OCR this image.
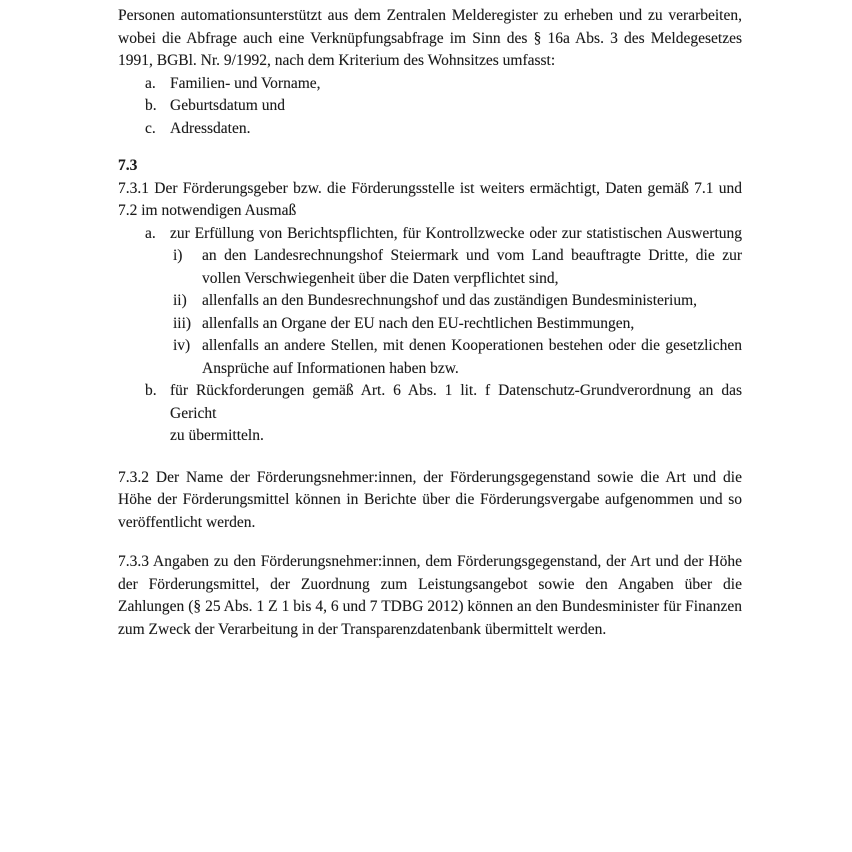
Personen automationsunterstützt aus dem Zentralen Melderegister zu erheben und zu verarbeiten, wobei die Abfrage auch eine Verknüpfungsabfrage im Sinn des § 16a Abs. 3 des Meldegesetzes 1991, BGBl. Nr. 9/1992, nach dem Kriterium des Wohnsitzes umfasst:

a. Familien- und Vorname,
b. Geburtsdatum und
c. Adressdaten.
7.3

7.3.1 Der Förderungsgeber bzw. die Förderungsstelle ist weiters ermächtigt, Daten gemäß 7.1 und 7.2 im notwendigen Ausmaß

a. zur Erfüllung von Berichtspflichten, für Kontrollzwecke oder zur statistischen Auswertung
i)	an den Landesrechnungshof Steiermark und vom Land beauftragte Dritte, die zur vollen Verschwiegenheit über die Daten verpflichtet sind,
ii) allenfalls an den Bundesrechnungshof und das zuständigen Bundesministerium,
iii) allenfalls an Organe der EU nach den EU-rechtlichen Bestimmungen,
iv) allenfalls an andere Stellen, mit denen Kooperationen bestehen oder die gesetzlichen Ansprüche auf Informationen haben bzw.
b. für Rückforderungen gemäß Art. 6 Abs. 1 lit. f Datenschutz-Grundverordnung an das
Gericht
zu übermitteln.

7.3.2 Der Name der Förderungsnehmer:innen, der Förderungsgegenstand sowie die Art und die Höhe der Förderungsmittel können in Berichte über die Förderungsvergabe aufgenommen und so veröffentlicht werden.

7.3.3 Angaben zu den Förderungsnehmer:innen, dem Förderungsgegenstand, der Art und der Höhe der Förderungsmittel, der Zuordnung zum Leistungsangebot sowie den Angaben über die Zahlungen (§ 25 Abs. 1 Z 1 bis 4, 6 und 7 TDBG 2012) können an den Bundesminister für Finanzen zum Zweck der Verarbeitung in der Transparenzdatenbank übermittelt werden.
